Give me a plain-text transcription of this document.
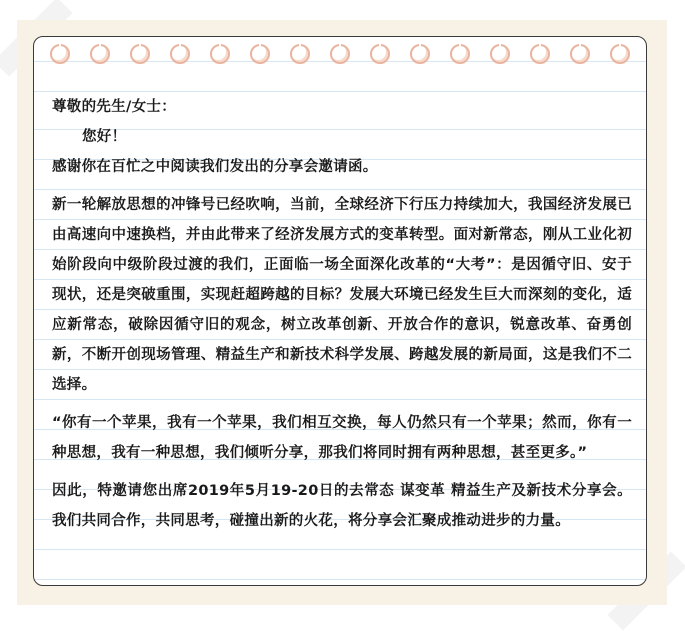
尊敬的先生/女士：

您好！

感谢你在百忙之中阅读我们发出的分享会邀请函。

新一轮解放思想的冲锋号已经吹响，当前，全球经济下行压力持续加大，我国经济发展已由高速向中速换档，并由此带来了经济发展方式的变革转型。面对新常态，刚从工业化初始阶段向中级阶段过渡的我们，正面临一场全面深化改革的“大考”：是因循守旧、安于现状，还是突破重围，实现赶超跨越的目标？发展大环境已经发生巨大而深刻的变化，适应新常态，破除因循守旧的观念，树立改革创新、开放合作的意识，锐意改革、奋勇创新，不断开创现场管理、精益生产和新技术科学发展、跨越发展的新局面，这是我们不二选择。

“你有一个苹果，我有一个苹果，我们相互交换，每人仍然只有一个苹果；然而，你有一种思想，我有一种思想，我们倾听分享，那我们将同时拥有两种思想，甚至更多。”

因此，特邀请您出席2019年5月19-20日的去常态 谋变革 精益生产及新技术分享会。我们共同合作，共同思考，碰撞出新的火花，将分享会汇聚成推动进步的力量。
